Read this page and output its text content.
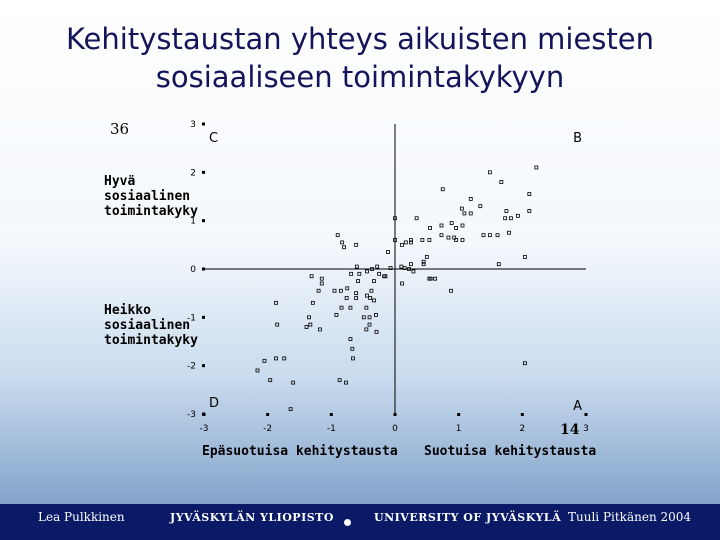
Kehitystaustan yhteys aikuisten miesten
sosiaaliseen toimintakykyyn
36	3
2
1
0
-1
-2
-3
-3	-2	-1	0	1	2	3
C	B
D	A
Hyvä
sosiaalinen
toimintakyky
Heikko
sosiaalinen
toimintakyky
Epäsuotuisa kehitystausta Suotuisa kehitystausta
14
Lea Pulkkinen	JYVÄSKYLÄN YLIOPISTO	UNIVERSITY OF JYVÄSKYLÄ Tuuli Pitkänen 2004
